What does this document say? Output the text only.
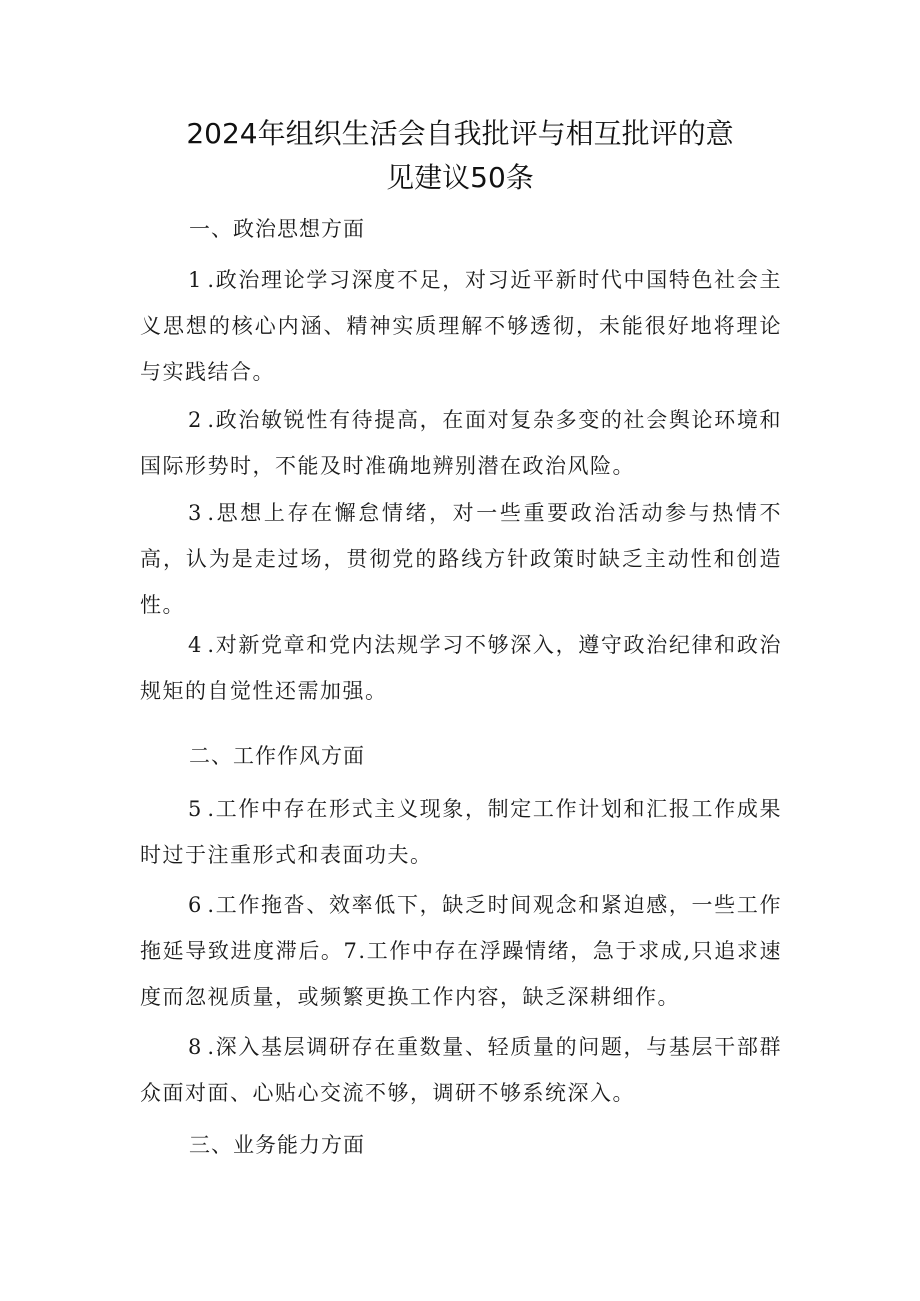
2024年组织生活会自我批评与相互批评的意
见建议50条
一、政治思想方面

1.政治理论学习深度不足，对习近平新时代中国特色社会主义思想的核心内涵、精神实质理解不够透彻，未能很好地将理论与实践结合。

2.政治敏锐性有待提高，在面对复杂多变的社会舆论环境和国际形势时，不能及时准确地辨别潜在政治风险。

3.思想上存在懈怠情绪，对一些重要政治活动参与热情不高，认为是走过场，贯彻党的路线方针政策时缺乏主动性和创造性。

4.对新党章和党内法规学习不够深入，遵守政治纪律和政治规矩的自觉性还需加强。

二、工作作风方面

5.工作中存在形式主义现象，制定工作计划和汇报工作成果时过于注重形式和表面功夫。

6.工作拖沓、效率低下，缺乏时间观念和紧迫感，一些工作拖延导致进度滞后。7.工作中存在浮躁情绪，急于求成,只追求速度而忽视质量，或频繁更换工作内容，缺乏深耕细作。

8.深入基层调研存在重数量、轻质量的问题，与基层干部群众面对面、心贴心交流不够，调研不够系统深入。

三、业务能力方面
